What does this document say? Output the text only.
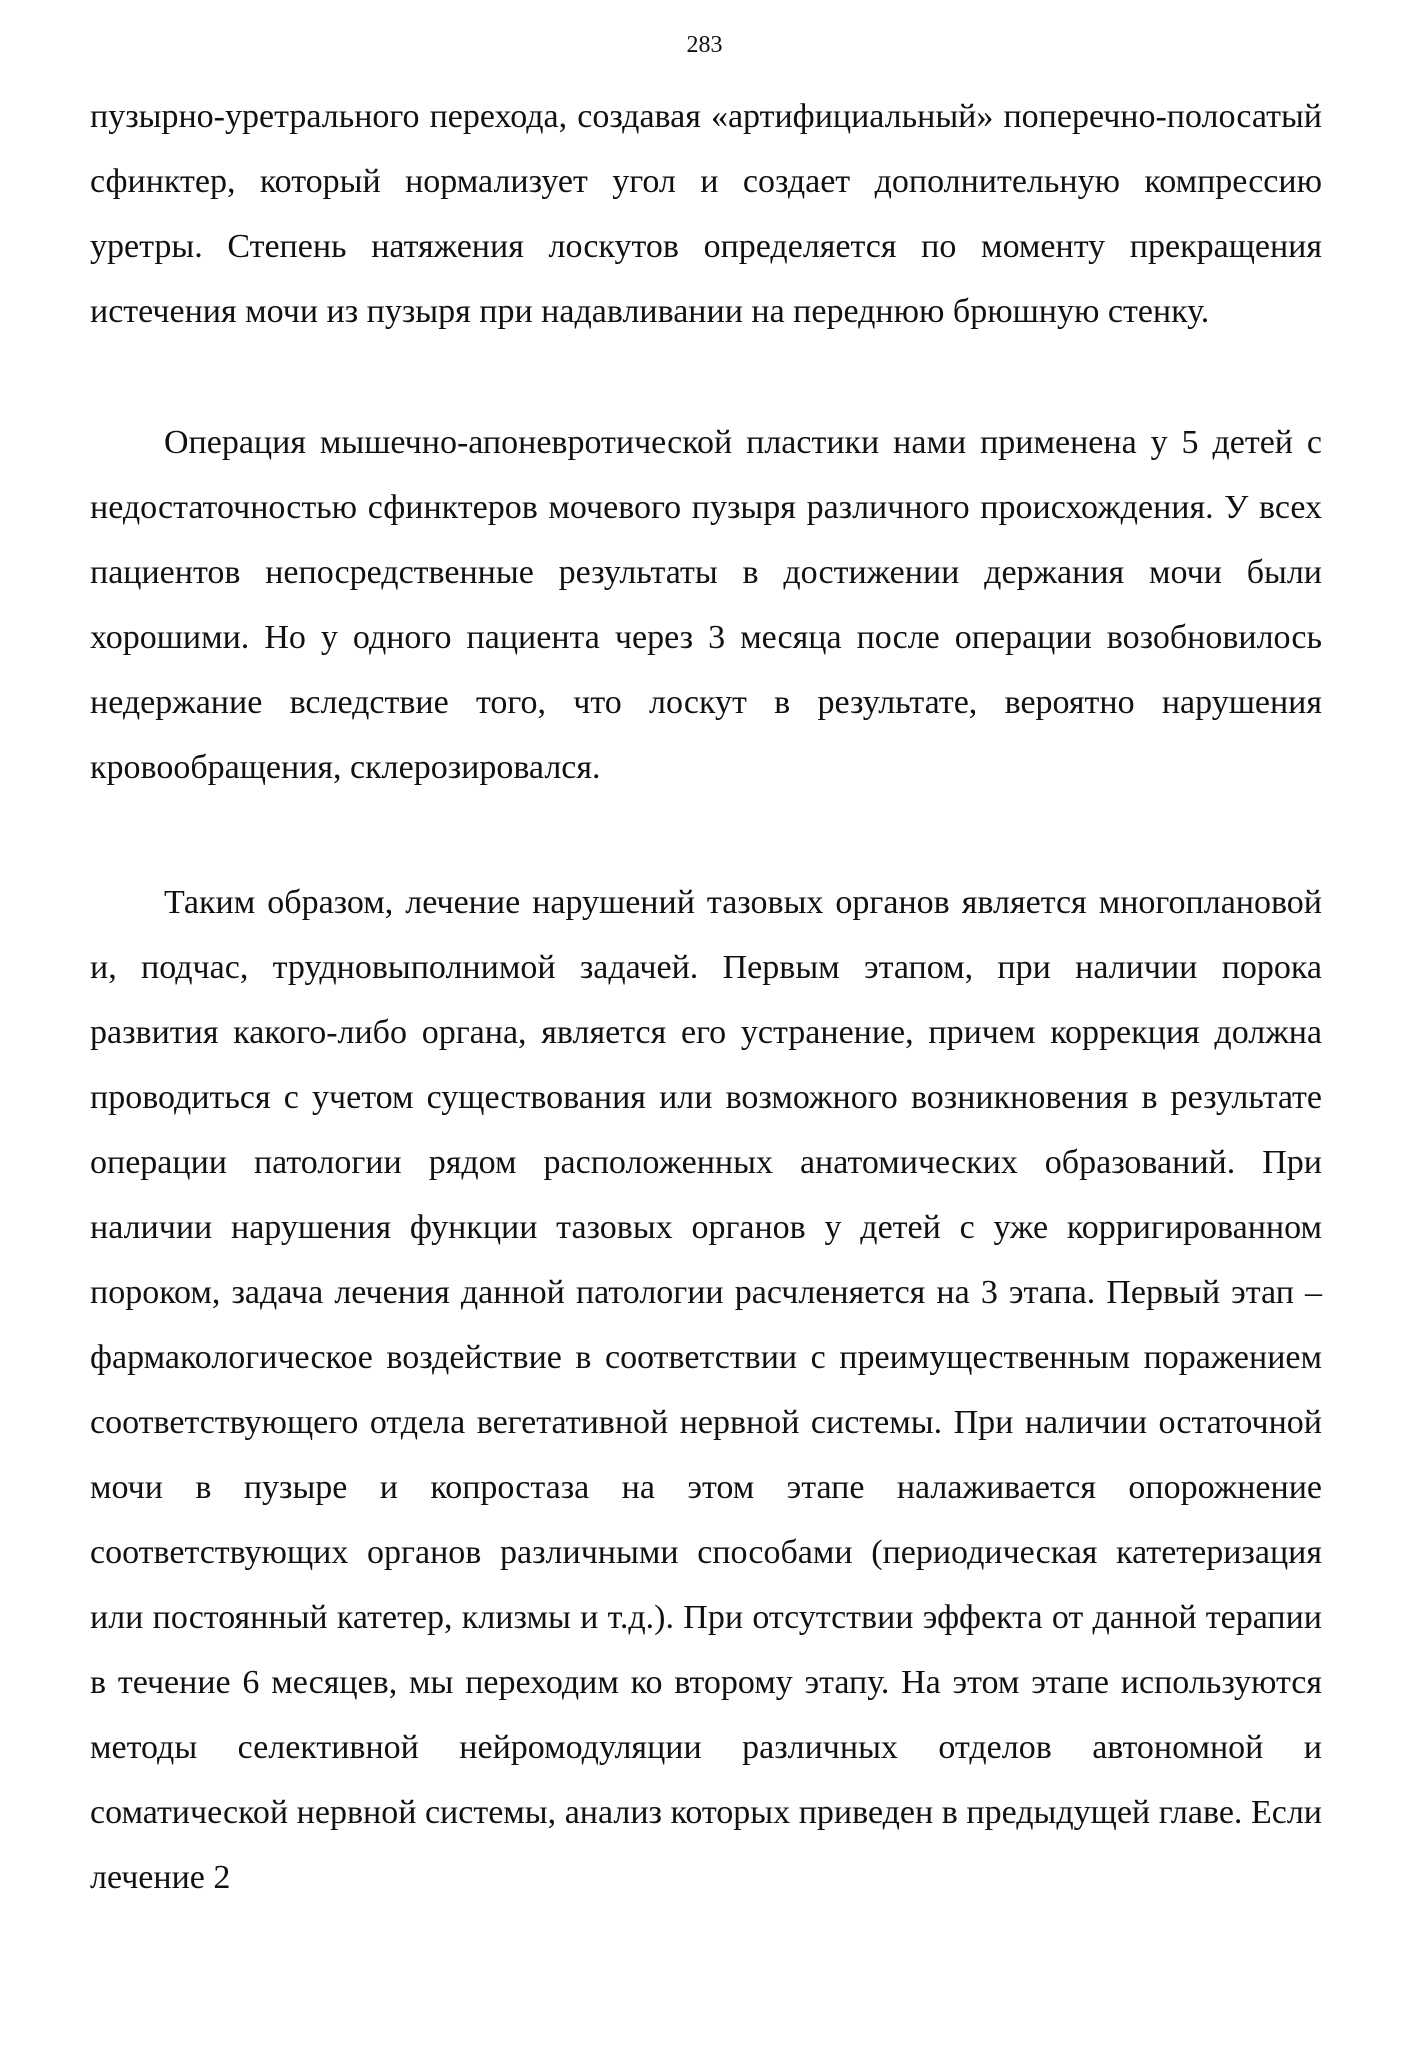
283

пузырно-уретрального перехода, создавая «артифициальный» поперечно-полосатый сфинктер, который нормализует угол и создает дополнительную компрессию уретры. Степень натяжения лоскутов определяется по моменту прекращения истечения мочи из пузыря при надавливании на переднюю брюшную стенку.

Операция мышечно-апоневротической пластики нами применена у 5 детей с недостаточностью сфинктеров мочевого пузыря различного происхождения. У всех пациентов непосредственные результаты в достижении держания мочи были хорошими. Но у одного пациента через 3 месяца после операции возобновилось недержание вследствие того, что лоскут в результате, вероятно нарушения кровообращения, склерозировался.

Таким образом, лечение нарушений тазовых органов является многоплановой и, подчас, трудновыполнимой задачей. Первым этапом, при наличии порока развития какого-либо органа, является его устранение, причем коррекция должна проводиться с учетом существования или возможного возникновения в результате операции патологии рядом расположенных анатомических образований. При наличии нарушения функции тазовых органов у детей с уже корригированном пороком, задача лечения данной патологии расчленяется на 3 этапа. Первый этап – фармакологическое воздействие в соответствии с преимущественным поражением соответствующего отдела вегетативной нервной системы. При наличии остаточной мочи в пузыре и копростаза на этом этапе налаживается опорожнение соответствующих органов различными способами (периодическая катетеризация или постоянный катетер, клизмы и т.д.). При отсутствии эффекта от данной терапии в течение 6 месяцев, мы переходим ко второму этапу. На этом этапе используются методы селективной нейромодуляции различных отделов автономной и соматической нервной системы, анализ которых приведен в предыдущей главе. Если лечение 2
